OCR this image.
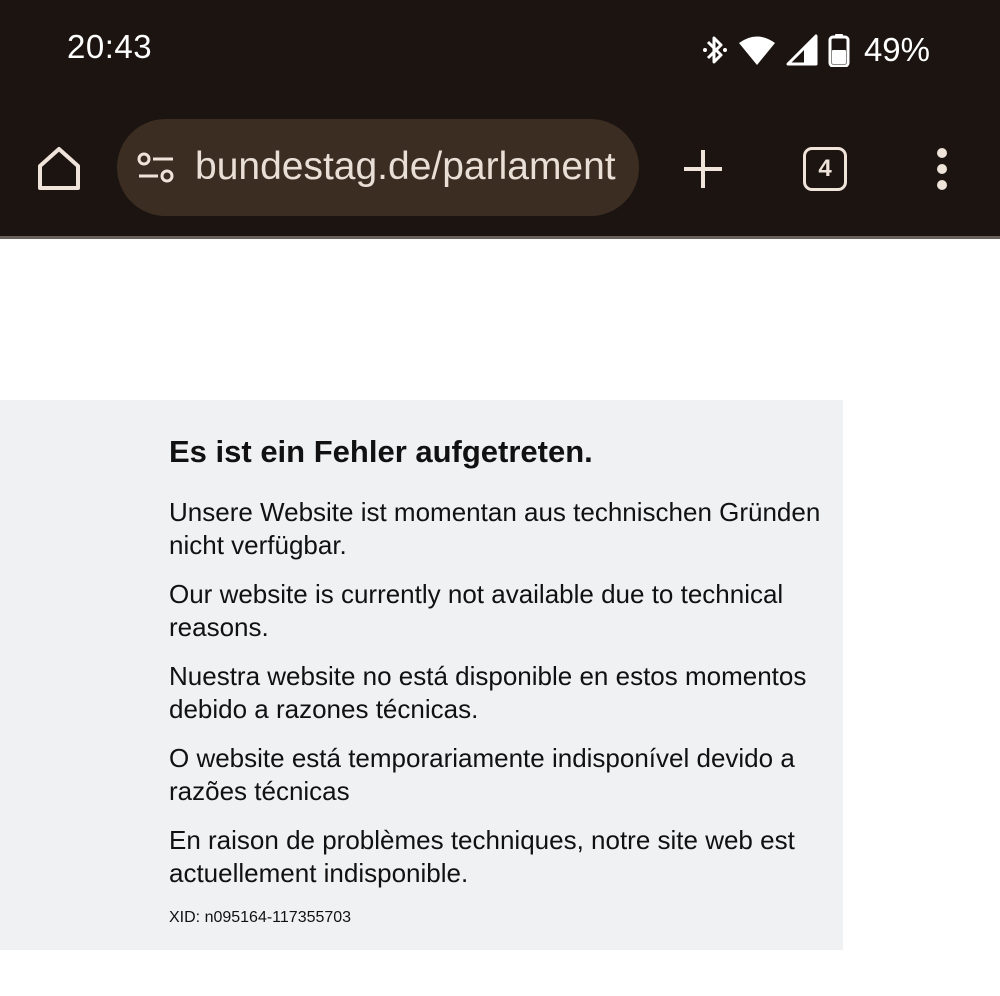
20:43	49%
bundestag.de/parlament	4
Es ist ein Fehler aufgetreten.

Unsere Website ist momentan aus technischen Gründen nicht verfügbar.

Our website is currently not available due to technical reasons.

Nuestra website no está disponible en estos momentos debido a razones técnicas.

O website está temporariamente indisponível devido a razões técnicas

En raison de problèmes techniques, notre site web est actuellement indisponible.

XID: n095164-117355703
